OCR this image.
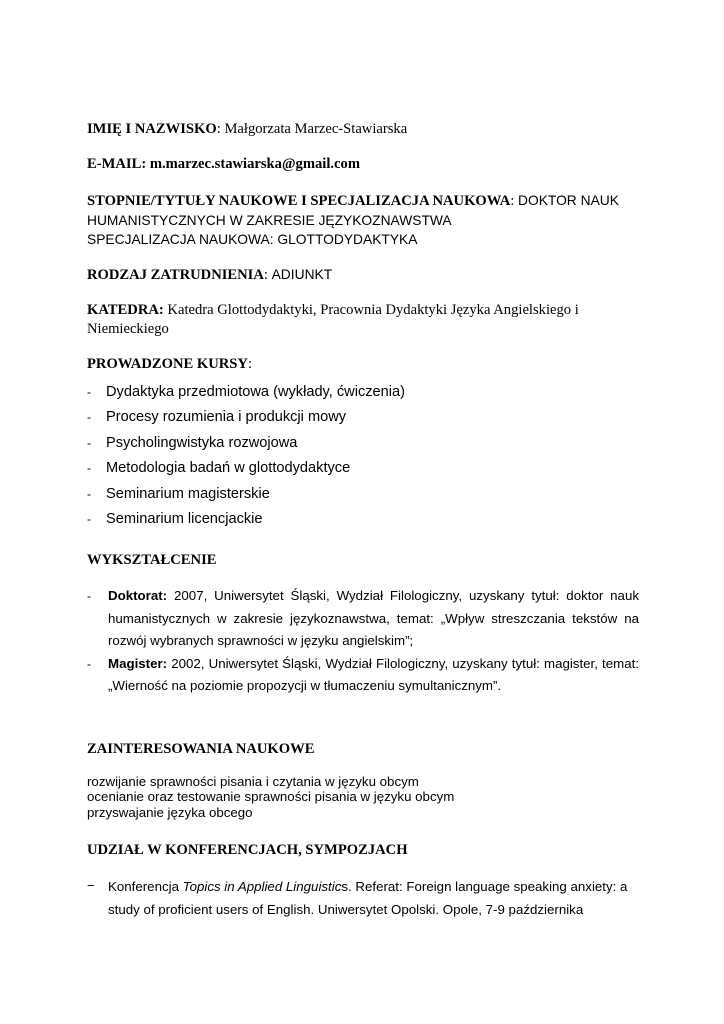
IMIĘ I NAZWISKO: Małgorzata Marzec-Stawiarska
E-MAIL: m.marzec.stawiarska@gmail.com
STOPNIE/TYTUŁY NAUKOWE I SPECJALIZACJA NAUKOWA: DOKTOR NAUK
HUMANISTYCZNYCH W ZAKRESIE JĘZYKOZNAWSTWA
SPECJALIZACJA NAUKOWA: GLOTTODYDAKTYKA
RODZAJ ZATRUDNIENIA: ADIUNKT
KATEDRA: Katedra Glottodydaktyki, Pracownia Dydaktyki Języka Angielskiego i
Niemieckiego
PROWADZONE KURSY:
- Dydaktyka przedmiotowa (wykłady, ćwiczenia)
- Procesy rozumienia i produkcji mowy
- Psycholingwistyka rozwojowa
- Metodologia badań w glottodydaktyce
- Seminarium magisterskie
- Seminarium licencjackie
WYKSZTAŁCENIE
- Doktorat: 2007, Uniwersytet Śląski, Wydział Filologiczny, uzyskany tytuł: doktor nauk humanistycznych w zakresie językoznawstwa, temat: „Wpływ streszczania tekstów na rozwój wybranych sprawności w języku angielskim”;
- Magister: 2002, Uniwersytet Śląski, Wydział Filologiczny, uzyskany tytuł: magister, temat: „Wierność na poziomie propozycji w tłumaczeniu symultanicznym”.
ZAINTERESOWANIA NAUKOWE
rozwijanie sprawności pisania i czytania w języku obcym
ocenianie oraz testowanie sprawności pisania w języku obcym
przyswajanie języka obcego
UDZIAŁ W KONFERENCJACH, SYMPOZJACH
− Konferencja Topics in Applied Linguistics. Referat: Foreign language speaking anxiety: a study of proficient users of English. Uniwersytet Opolski. Opole, 7-9 października
